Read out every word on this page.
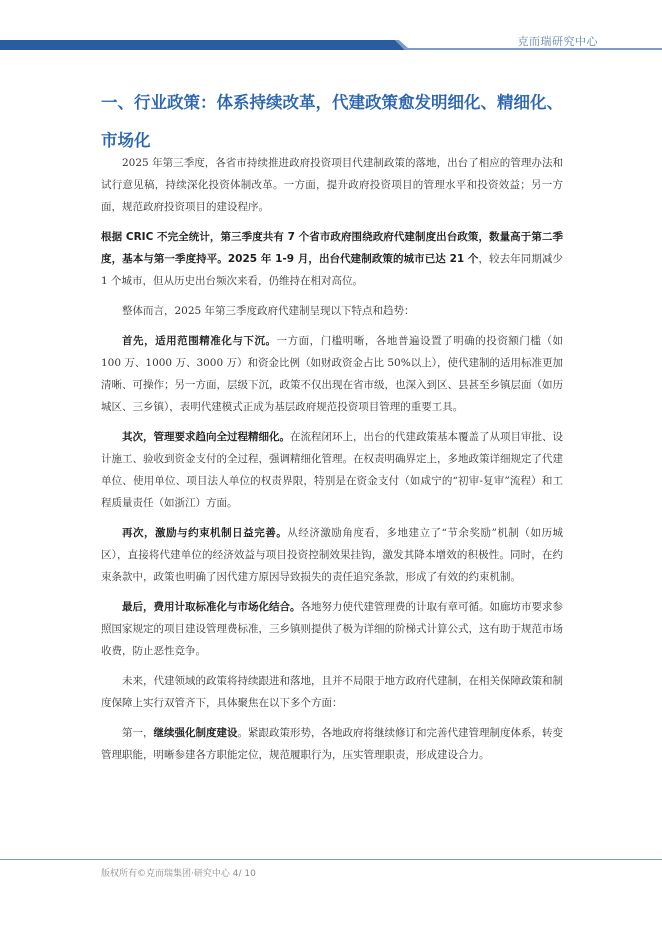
克而瑞研究中心
一、行业政策：体系持续改革，代建政策愈发明细化、精细化、市场化

2025 年第三季度，各省市持续推进政府投资项目代建制政策的落地，出台了相应的管理办法和试行意见稿，持续深化投资体制改革。一方面，提升政府投资项目的管理水平和投资效益；另一方面，规范政府投资项目的建设程序。

根据 CRIC 不完全统计，第三季度共有 7 个省市政府围绕政府代建制度出台政策，数量高于第二季度，基本与第一季度持平。2025 年 1-9 月，出台代建制政策的城市已达 21 个，较去年同期减少 1 个城市，但从历史出台频次来看，仍维持在相对高位。

整体而言，2025 年第三季度政府代建制呈现以下特点和趋势：

首先，适用范围精准化与下沉。一方面，门槛明晰，各地普遍设置了明确的投资额门槛（如 100 万、1000 万、3000 万）和资金比例（如财政资金占比 50%以上），使代建制的适用标准更加清晰、可操作；另一方面，层级下沉，政策不仅出现在省市级，也深入到区、县甚至乡镇层面（如历城区、三乡镇），表明代建模式正成为基层政府规范投资项目管理的重要工具。

其次，管理要求趋向全过程精细化。在流程闭环上，出台的代建政策基本覆盖了从项目审批、设计施工、验收到资金支付的全过程，强调精细化管理。在权责明确界定上，多地政策详细规定了代建单位、使用单位、项目法人单位的权责界限，特别是在资金支付（如咸宁的“初审-复审”流程）和工程质量责任（如浙江）方面。

再次，激励与约束机制日益完善。从经济激励角度看，多地建立了“节余奖励”机制（如历城区），直接将代建单位的经济效益与项目投资控制效果挂钩，激发其降本增效的积极性。同时，在约束条款中，政策也明确了因代建方原因导致损失的责任追究条款，形成了有效的约束机制。

最后，费用计取标准化与市场化结合。各地努力使代建管理费的计取有章可循。如廊坊市要求参照国家规定的项目建设管理费标准，三乡镇则提供了极为详细的阶梯式计算公式，这有助于规范市场收费，防止恶性竞争。

未来，代建领域的政策将持续跟进和落地，且并不局限于地方政府代建制，在相关保障政策和制度保障上实行双管齐下，具体聚焦在以下多个方面：

第一，继续强化制度建设。紧跟政策形势，各地政府将继续修订和完善代建管理制度体系，转变管理职能，明晰参建各方职能定位，规范履职行为，压实管理职责，形成建设合力。

版权所有©克而瑞集团·研究中心 4/ 10
